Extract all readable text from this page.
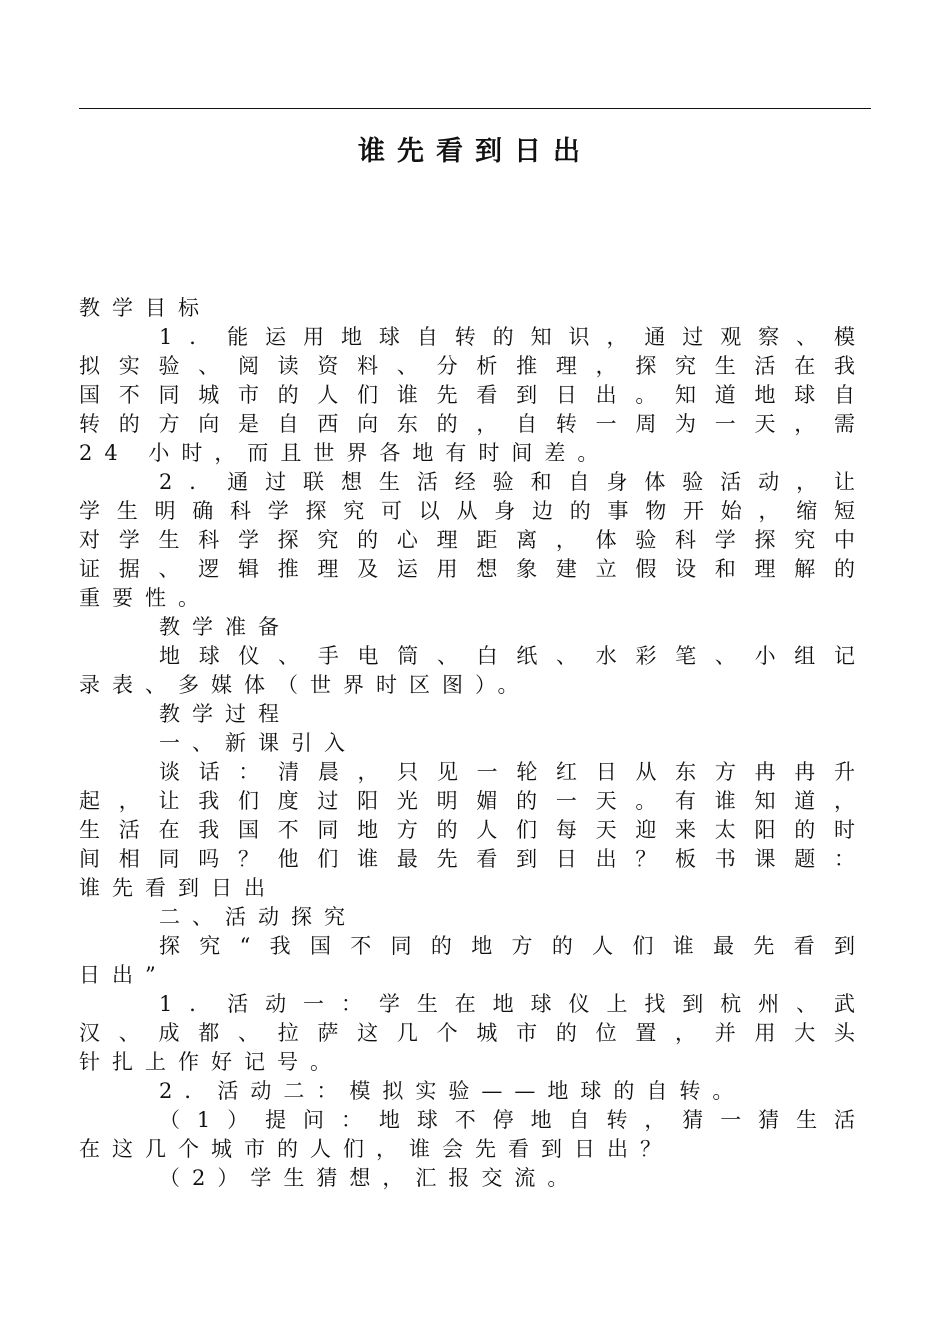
谁先看到日出
教学目标
1．能运用地球自转的知识，通过观察、模
拟实验、阅读资料、分析推理，探究生活在我
国不同城市的人们谁先看到日出。知道地球自
转的方向是自西向东的，自转一周为一天，需
24 小时，而且世界各地有时间差。
2．通过联想生活经验和自身体验活动，让
学生明确科学探究可以从身边的事物开始，缩短
对学生科学探究的心理距离，体验科学探究中
证据、逻辑推理及运用想象建立假设和理解的
重要性。
教学准备
地球仪、手电筒、白纸、水彩笔、小组记
录表、多媒体（世界时区图）。
教学过程
一、新课引入
谈话：清晨，只见一轮红日从东方冉冉升
起，让我们度过阳光明媚的一天。有谁知道，
生活在我国不同地方的人们每天迎来太阳的时
间相同吗？他们谁最先看到日出？板书课题：
谁先看到日出
二、活动探究
探究“我国不同的地方的人们谁最先看到
日出”
1．活动一：学生在地球仪上找到杭州、武
汉、成都、拉萨这几个城市的位置，并用大头
针扎上作好记号。
2．活动二：模拟实验——地球的自转。
（1）提问：地球不停地自转，猜一猜生活
在这几个城市的人们，谁会先看到日出？
（2）学生猜想，汇报交流。
